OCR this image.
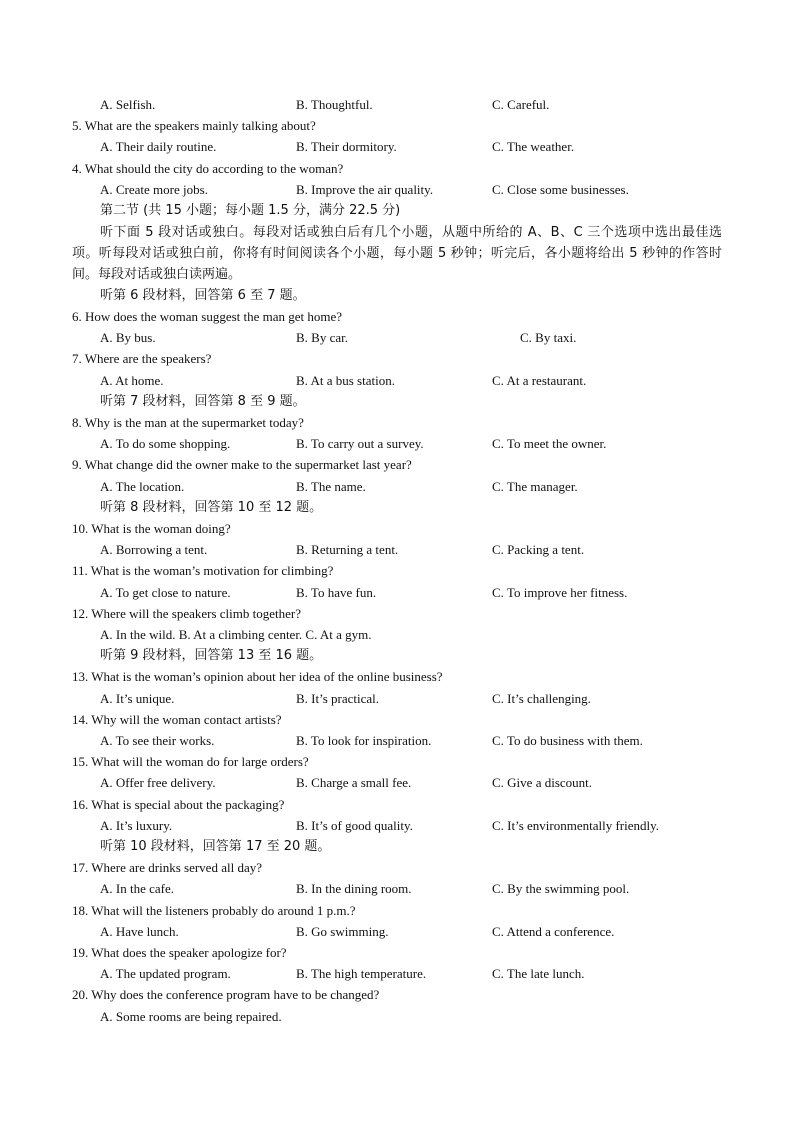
A. Selfish.	B. Thoughtful.	C. Careful.
5. What are the speakers mainly talking about?
A. Their daily routine.	B. Their dormitory.	C. The weather.
4. What should the city do according to the woman?
A. Create more jobs.	B. Improve the air quality.	C. Close some businesses.
第二节 (共 15 小题；每小题 1.5 分，满分 22.5 分)
听下面 5 段对话或独白。每段对话或独白后有几个小题，从题中所给的 A、B、C 三个选项中选出最佳选项。听每段对话或独白前，你将有时间阅读各个小题，每小题 5 秒钟；听完后，各小题将给出 5 秒钟的作答时间。每段对话或独白读两遍。
听第 6 段材料，回答第 6 至 7 题。
6. How does the woman suggest the man get home?
A. By bus.	B. By car.	C. By taxi.
7. Where are the speakers?
A. At home.	B. At a bus station.	C. At a restaurant.
听第 7 段材料，回答第 8 至 9 题。
8. Why is the man at the supermarket today?
A. To do some shopping.	B. To carry out a survey.	C. To meet the owner.
9. What change did the owner make to the supermarket last year?
A. The location.	B. The name.	C. The manager.
听第 8 段材料，回答第 10 至 12 题。
10. What is the woman doing?
A. Borrowing a tent.	B. Returning a tent.	C. Packing a tent.
11. What is the woman’s motivation for climbing?
A. To get close to nature.	B. To have fun.	C. To improve her fitness.
12. Where will the speakers climb together?
A. In the wild. B. At a climbing center. C. At a gym.
听第 9 段材料，回答第 13 至 16 题。
13. What is the woman’s opinion about her idea of the online business?
A. It’s unique.	B. It’s practical.	C. It’s challenging.
14. Why will the woman contact artists?
A. To see their works.	B. To look for inspiration.	C. To do business with them.
15. What will the woman do for large orders?
A. Offer free delivery.	B. Charge a small fee.	C. Give a discount.
16. What is special about the packaging?
A. It’s luxury.	B. It’s of good quality.	C. It’s environmentally friendly.
听第 10 段材料，回答第 17 至 20 题。
17. Where are drinks served all day?
A. In the cafe.	B. In the dining room.	C. By the swimming pool.
18. What will the listeners probably do around 1 p.m.?
A. Have lunch.	B. Go swimming.	C. Attend a conference.
19. What does the speaker apologize for?
A. The updated program.	B. The high temperature.	C. The late lunch.
20. Why does the conference program have to be changed?
A. Some rooms are being repaired.
